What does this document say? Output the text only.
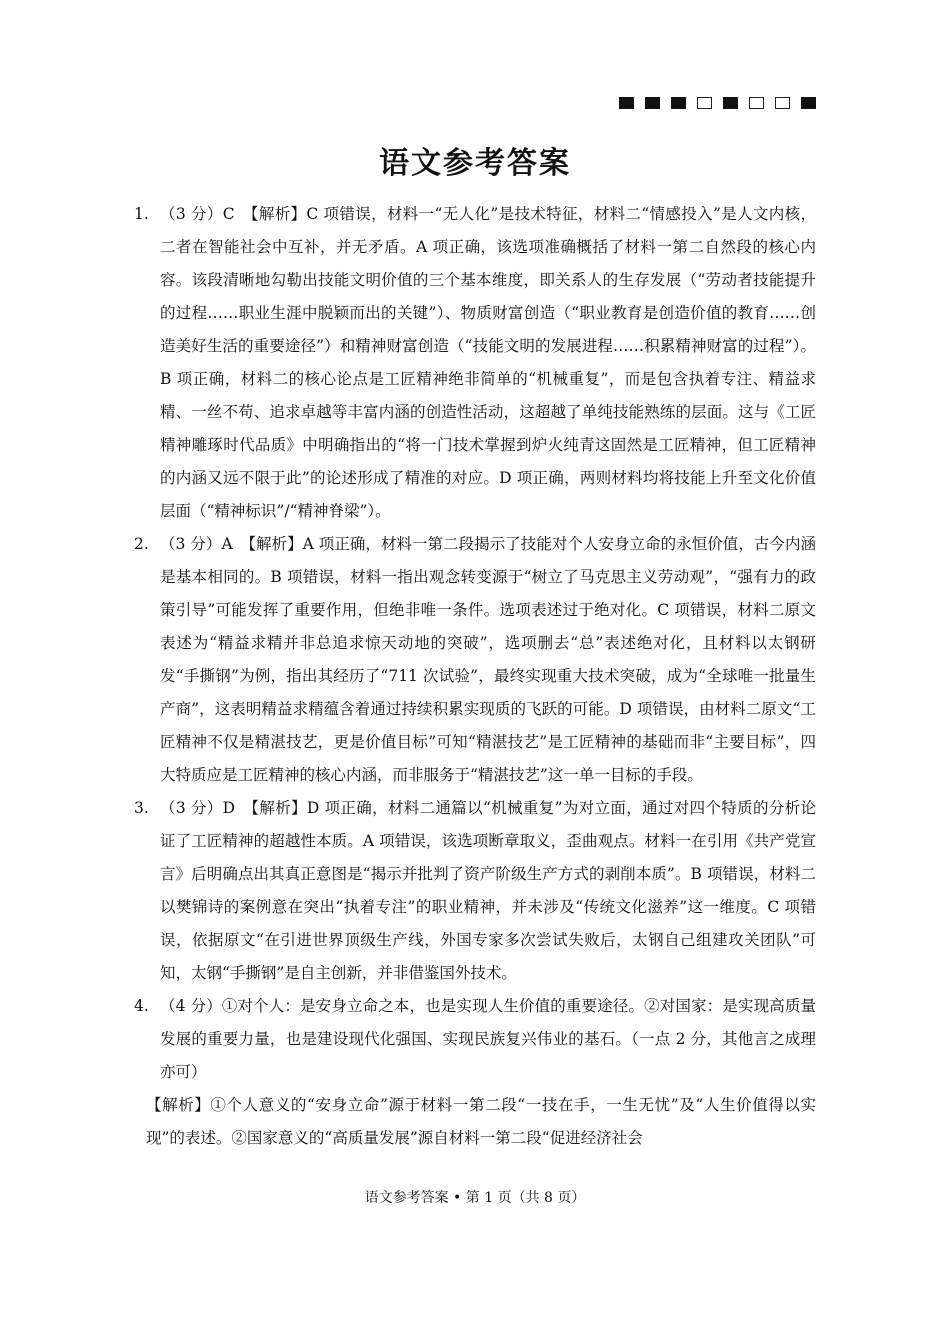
语文参考答案
1. （3 分）C　【解析】C 项错误，材料一“无人化”是技术特征，材料二“情感投入”是人文内核，二者在智能社会中互补，并无矛盾。A 项正确，该选项准确概括了材料一第二自然段的核心内容。该段清晰地勾勒出技能文明价值的三个基本维度，即关系人的生存发展（“劳动者技能提升的过程……职业生涯中脱颖而出的关键”）、物质财富创造（“职业教育是创造价值的教育……创造美好生活的重要途径”）和精神财富创造（“技能文明的发展进程……积累精神财富的过程”）。B 项正确，材料二的核心论点是工匠精神绝非简单的“机械重复”，而是包含执着专注、精益求精、一丝不苟、追求卓越等丰富内涵的创造性活动，这超越了单纯技能熟练的层面。这与《工匠精神雕琢时代品质》中明确指出的“将一门技术掌握到炉火纯青这固然是工匠精神，但工匠精神的内涵又远不限于此”的论述形成了精准的对应。D 项正确，两则材料均将技能上升至文化价值层面（“精神标识”/“精神脊梁”）。
2. （3 分）A　【解析】A 项正确，材料一第二段揭示了技能对个人安身立命的永恒价值，古今内涵是基本相同的。B 项错误，材料一指出观念转变源于“树立了马克思主义劳动观”，“强有力的政策引导”可能发挥了重要作用，但绝非唯一条件。选项表述过于绝对化。C 项错误，材料二原文表述为“精益求精并非总追求惊天动地的突破”，选项删去“总”表述绝对化，且材料以太钢研发“手撕钢”为例，指出其经历了“711 次试验”，最终实现重大技术突破，成为“全球唯一批量生产商”，这表明精益求精蕴含着通过持续积累实现质的飞跃的可能。D 项错误，由材料二原文“工匠精神不仅是精湛技艺，更是价值目标”可知“精湛技艺”是工匠精神的基础而非“主要目标”，四大特质应是工匠精神的核心内涵，而非服务于“精湛技艺”这一单一目标的手段。
3. （3 分）D　【解析】D 项正确，材料二通篇以“机械重复”为对立面，通过对四个特质的分析论证了工匠精神的超越性本质。A 项错误，该选项断章取义，歪曲观点。材料一在引用《共产党宣言》后明确点出其真正意图是“揭示并批判了资产阶级生产方式的剥削本质”。B 项错误，材料二以樊锦诗的案例意在突出“执着专注”的职业精神，并未涉及“传统文化滋养”这一维度。C 项错误，依据原文“在引进世界顶级生产线，外国专家多次尝试失败后，太钢自己组建攻关团队”可知，太钢“手撕钢”是自主创新，并非借鉴国外技术。
4. （4 分）①对个人：是安身立命之本，也是实现人生价值的重要途径。②对国家：是实现高质量发展的重要力量，也是建设现代化强国、实现民族复兴伟业的基石。（一点 2 分，其他言之成理亦可）
【解析】①个人意义的“安身立命”源于材料一第二段“一技在手，一生无忧”及“人生价值得以实现”的表述。②国家意义的“高质量发展”源自材料一第二段“促进经济社会
语文参考答案 • 第 1 页（共 8 页）
